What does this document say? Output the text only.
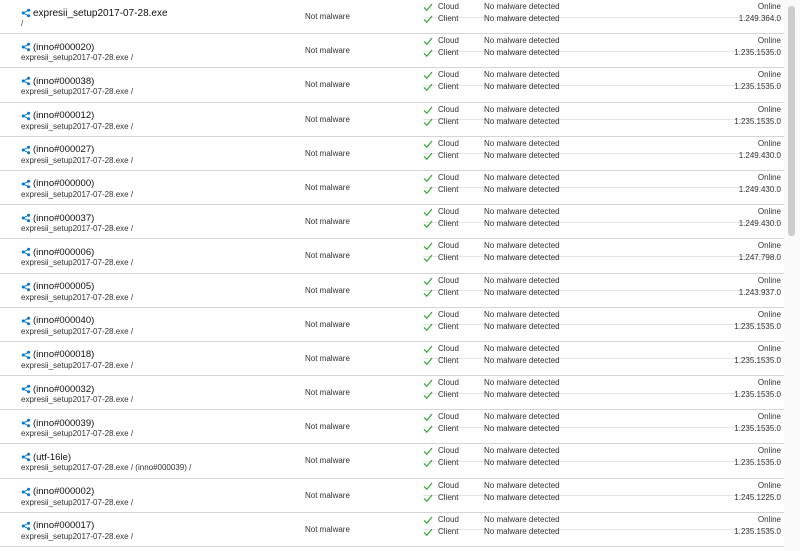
expresii_setup2017-07-28.exe
/
Not malware
Cloud	No malware detected	Online
Client	No malware detected	1.249.364.0
(inno#000020)
expresii_setup2017-07-28.exe /
Not malware
Cloud	No malware detected	Online
Client	No malware detected	1.235.1535.0
(inno#000038)
expresii_setup2017-07-28.exe /
Not malware
Cloud	No malware detected	Online
Client	No malware detected	1.235.1535.0
(inno#000012)
expresii_setup2017-07-28.exe /
Not malware
Cloud	No malware detected	Online
Client	No malware detected	1.235.1535.0
(inno#000027)
expresii_setup2017-07-28.exe /
Not malware
Cloud	No malware detected	Online
Client	No malware detected	1.249.430.0
(inno#000000)
expresii_setup2017-07-28.exe /
Not malware
Cloud	No malware detected	Online
Client	No malware detected	1.249.430.0
(inno#000037)
expresii_setup2017-07-28.exe /
Not malware
Cloud	No malware detected	Online
Client	No malware detected	1.249.430.0
(inno#000006)
expresii_setup2017-07-28.exe /
Not malware
Cloud	No malware detected	Online
Client	No malware detected	1.247.798.0
(inno#000005)
expresii_setup2017-07-28.exe /
Not malware
Cloud	No malware detected	Online
Client	No malware detected	1.243.937.0
(inno#000040)
expresii_setup2017-07-28.exe /
Not malware
Cloud	No malware detected	Online
Client	No malware detected	1.235.1535.0
(inno#000018)
expresii_setup2017-07-28.exe /
Not malware
Cloud	No malware detected	Online
Client	No malware detected	1.235.1535.0
(inno#000032)
expresii_setup2017-07-28.exe /
Not malware
Cloud	No malware detected	Online
Client	No malware detected	1.235.1535.0
(inno#000039)
expresii_setup2017-07-28.exe /
Not malware
Cloud	No malware detected	Online
Client	No malware detected	1.235.1535.0
(utf-16le)
expresii_setup2017-07-28.exe / (inno#000039) /
Not malware
Cloud	No malware detected	Online
Client	No malware detected	1.235.1535.0
(inno#000002)
expresii_setup2017-07-28.exe /
Not malware
Cloud	No malware detected	Online
Client	No malware detected	1.245.1225.0
(inno#000017)
expresii_setup2017-07-28.exe /
Not malware
Cloud	No malware detected	Online
Client	No malware detected	1.235.1535.0
